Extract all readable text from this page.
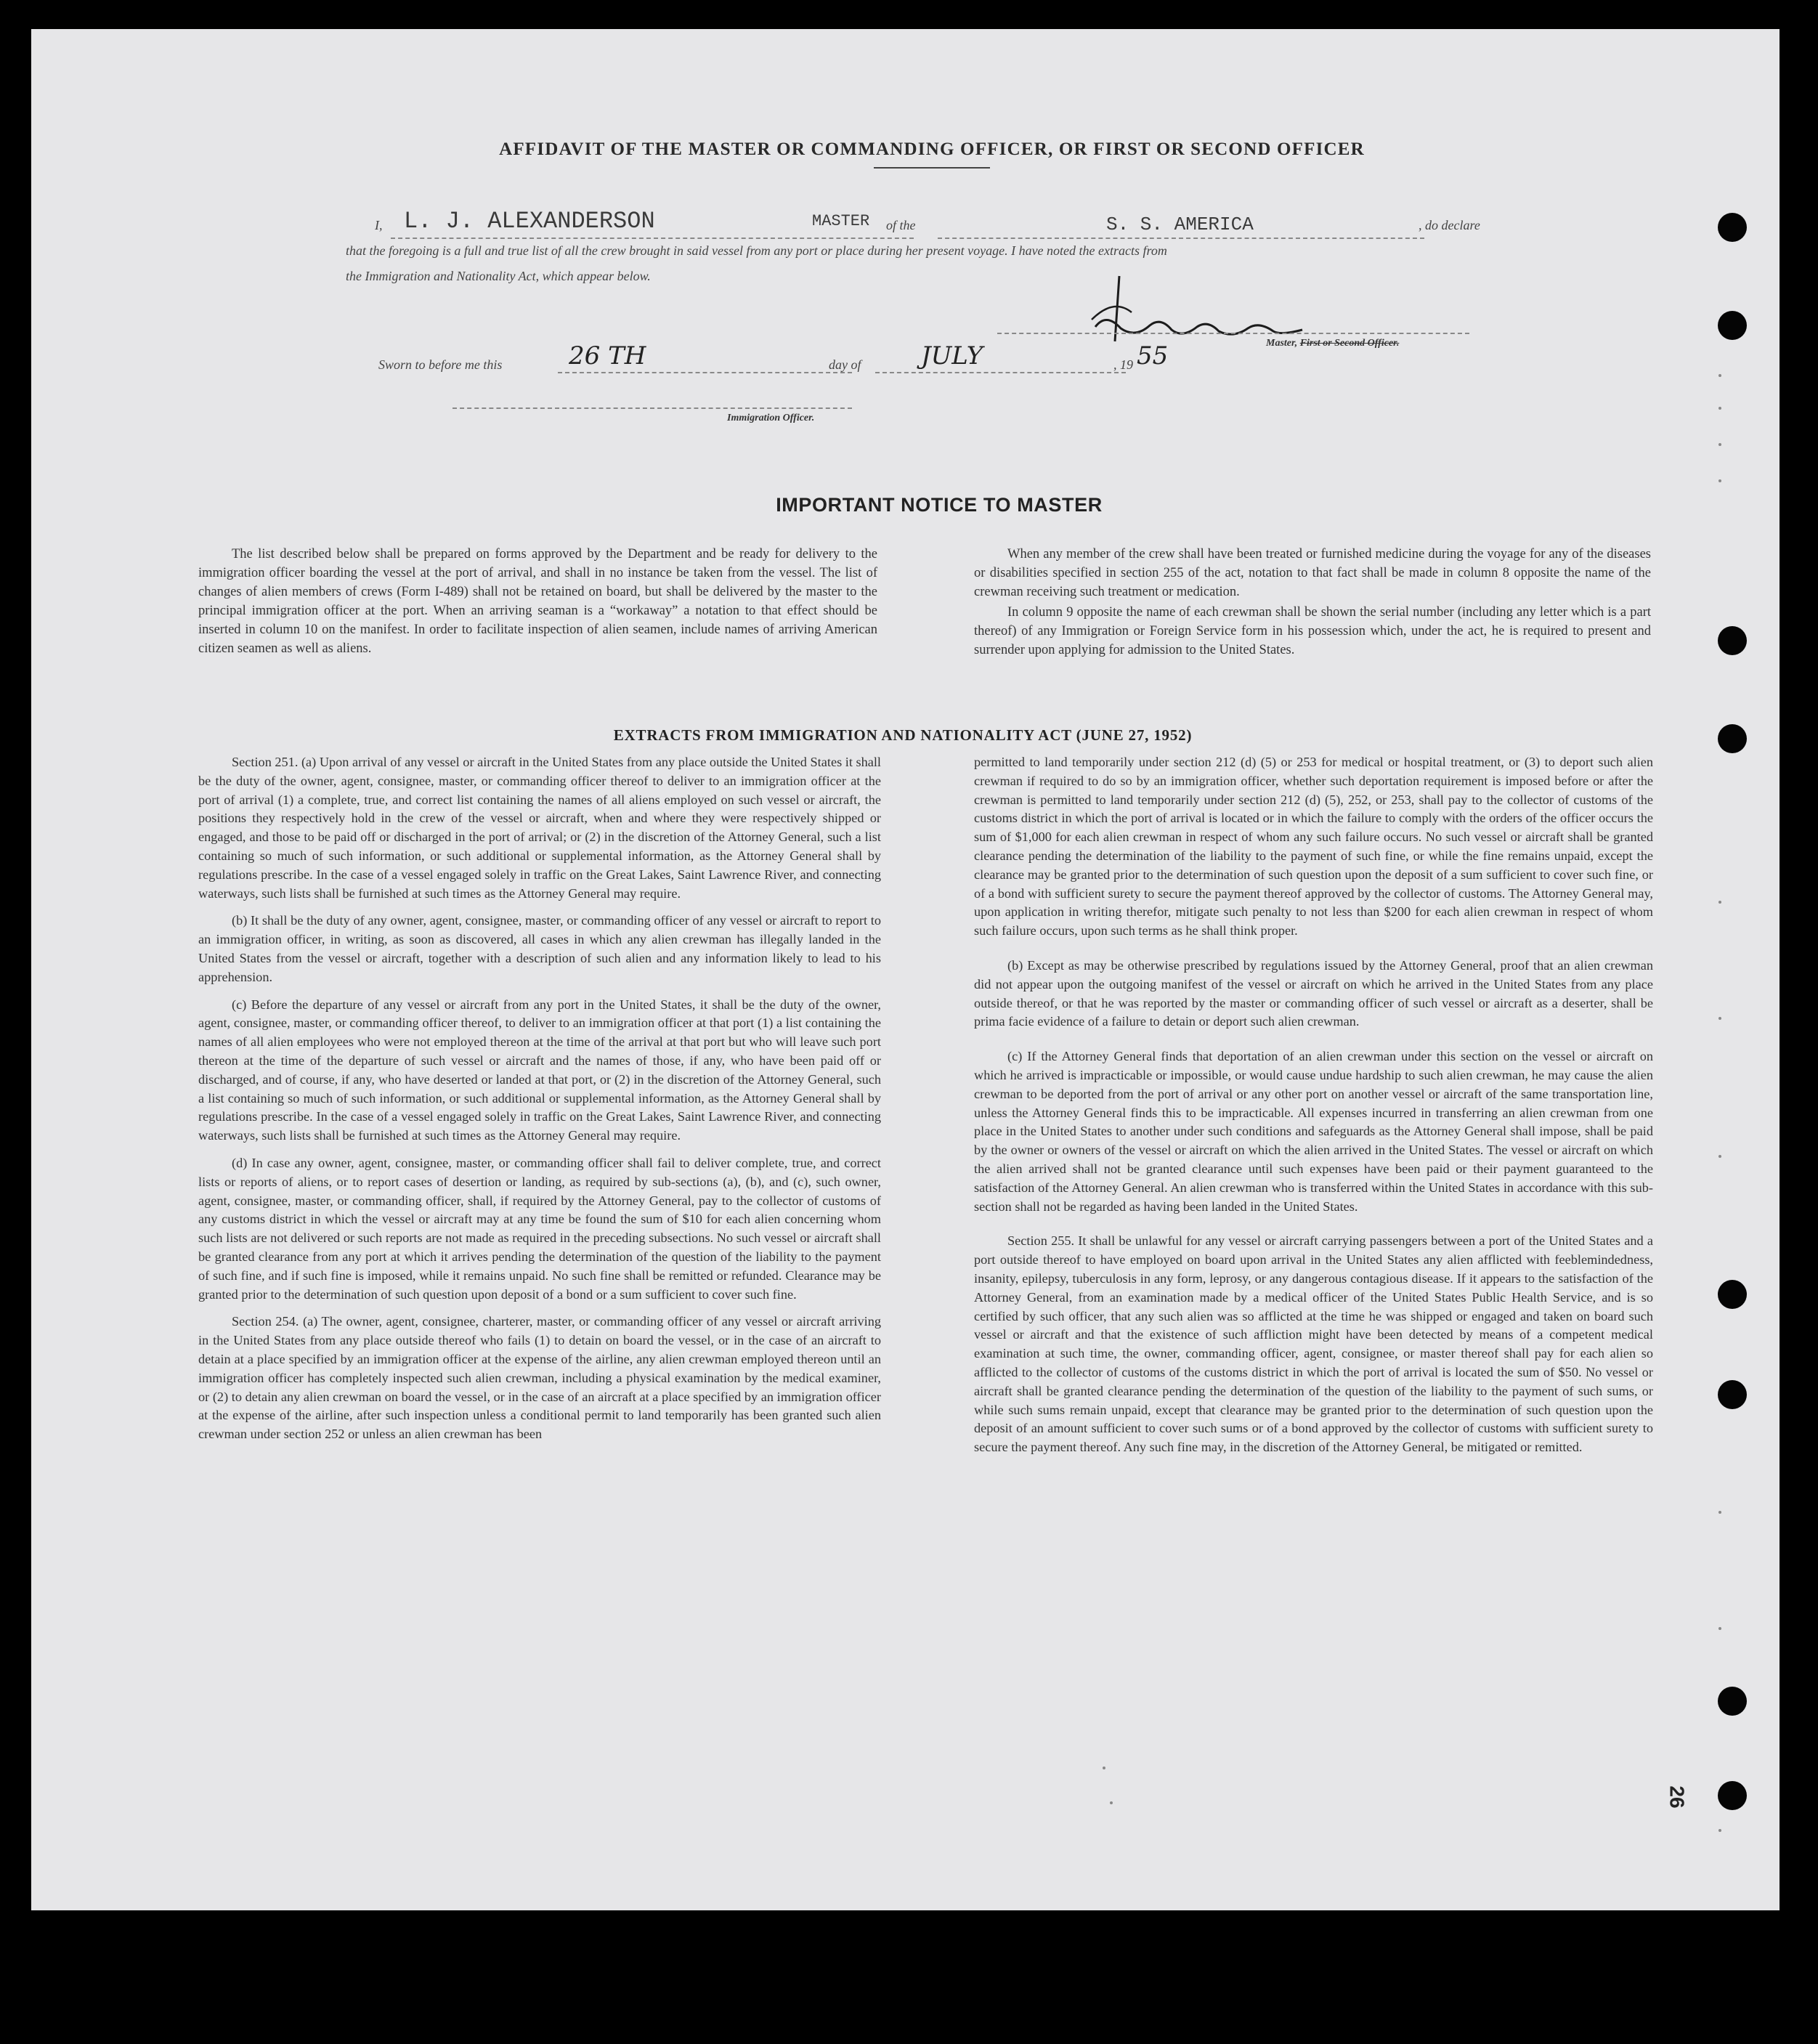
AFFIDAVIT OF THE MASTER OR COMMANDING OFFICER, OR FIRST OR SECOND OFFICER
I, L. J. ALEXANDERSON	MASTER of the	S. S. AMERICA	, do declare
that the foregoing is a full and true list of all the crew brought in said vessel from any port or place during her present voyage. I have noted the extracts from
the Immigration and Nationality Act, which appear below.
Master, First or Second Officer.
Sworn to before me this	26 TH	day of JULY	, 19 55
Immigration Officer.
IMPORTANT NOTICE TO MASTER

The list described below shall be prepared on forms approved by the Department and be ready for delivery to the immigration officer boarding the vessel at the port of arrival, and shall in no instance be taken from the vessel. The list of changes of alien members of crews (Form I-489) shall not be retained on board, but shall be delivered by the master to the principal immigration officer at the port. When an arriving seaman is a “workaway” a notation to that effect should be inserted in column 10 on the manifest. In order to facilitate inspection of alien seamen, include names of arriving American citizen seamen as well as aliens.

When any member of the crew shall have been treated or furnished medicine during the voyage for any of the diseases or disabilities specified in section 255 of the act, notation to that fact shall be made in column 8 opposite the name of the crewman receiving such treatment or medication.

In column 9 opposite the name of each crewman shall be shown the serial number (including any letter which is a part thereof) of any Immigration or Foreign Service form in his possession which, under the act, he is required to present and surrender upon applying for admission to the United States.

EXTRACTS FROM IMMIGRATION AND NATIONALITY ACT (JUNE 27, 1952)

Section 251. (a) Upon arrival of any vessel or aircraft in the United States from any place outside the United States it shall be the duty of the owner, agent, consignee, master, or commanding officer thereof to deliver to an immigration officer at the port of arrival (1) a complete, true, and correct list containing the names of all aliens employed on such vessel or aircraft, the positions they respectively hold in the crew of the vessel or aircraft, when and where they were respectively shipped or engaged, and those to be paid off or discharged in the port of arrival; or (2) in the discretion of the Attorney General, such a list containing so much of such information, or such additional or supplemental information, as the Attorney General shall by regulations prescribe. In the case of a vessel engaged solely in traffic on the Great Lakes, Saint Lawrence River, and connecting waterways, such lists shall be furnished at such times as the Attorney General may require.

(b) It shall be the duty of any owner, agent, consignee, master, or commanding officer of any vessel or aircraft to report to an immigration officer, in writing, as soon as discovered, all cases in which any alien crewman has illegally landed in the United States from the vessel or aircraft, together with a description of such alien and any information likely to lead to his apprehension.

(c) Before the departure of any vessel or aircraft from any port in the United States, it shall be the duty of the owner, agent, consignee, master, or commanding officer thereof, to deliver to an immigration officer at that port (1) a list containing the names of all alien employees who were not employed thereon at the time of the arrival at that port but who will leave such port thereon at the time of the departure of such vessel or aircraft and the names of those, if any, who have been paid off or discharged, and of course, if any, who have deserted or landed at that port, or (2) in the discretion of the Attorney General, such a list containing so much of such information, or such additional or supplemental information, as the Attorney General shall by regulations prescribe. In the case of a vessel engaged solely in traffic on the Great Lakes, Saint Lawrence River, and connecting waterways, such lists shall be furnished at such times as the Attorney General may require.

(d) In case any owner, agent, consignee, master, or commanding officer shall fail to deliver complete, true, and correct lists or reports of aliens, or to report cases of desertion or landing, as required by sub-sections (a), (b), and (c), such owner, agent, consignee, master, or commanding officer, shall, if required by the Attorney General, pay to the collector of customs of any customs district in which the vessel or aircraft may at any time be found the sum of $10 for each alien concerning whom such lists are not delivered or such reports are not made as required in the preceding subsections. No such vessel or aircraft shall be granted clearance from any port at which it arrives pending the determination of the question of the liability to the payment of such fine, and if such fine is imposed, while it remains unpaid. No such fine shall be remitted or refunded. Clearance may be granted prior to the determination of such question upon deposit of a bond or a sum sufficient to cover such fine.

Section 254. (a) The owner, agent, consignee, charterer, master, or commanding officer of any vessel or aircraft arriving in the United States from any place outside thereof who fails (1) to detain on board the vessel, or in the case of an aircraft to detain at a place specified by an immigration officer at the expense of the airline, any alien crewman employed thereon until an immigration officer has completely inspected such alien crewman, including a physical examination by the medical examiner, or (2) to detain any alien crewman on board the vessel, or in the case of an aircraft at a place specified by an immigration officer at the expense of the airline, after such inspection unless a conditional permit to land temporarily has been granted such alien crewman under section 252 or unless an alien crewman has been

permitted to land temporarily under section 212 (d) (5) or 253 for medical or hospital treatment, or (3) to deport such alien crewman if required to do so by an immigration officer, whether such deportation requirement is imposed before or after the crewman is permitted to land temporarily under section 212 (d) (5), 252, or 253, shall pay to the collector of customs of the customs district in which the port of arrival is located or in which the failure to comply with the orders of the officer occurs the sum of $1,000 for each alien crewman in respect of whom any such failure occurs. No such vessel or aircraft shall be granted clearance pending the determination of the liability to the payment of such fine, or while the fine remains unpaid, except the clearance may be granted prior to the determination of such question upon the deposit of a sum sufficient to cover such fine, or of a bond with sufficient surety to secure the payment thereof approved by the collector of customs. The Attorney General may, upon application in writing therefor, mitigate such penalty to not less than $200 for each alien crewman in respect of whom such failure occurs, upon such terms as he shall think proper.

(b) Except as may be otherwise prescribed by regulations issued by the Attorney General, proof that an alien crewman did not appear upon the outgoing manifest of the vessel or aircraft on which he arrived in the United States from any place outside thereof, or that he was reported by the master or commanding officer of such vessel or aircraft as a deserter, shall be prima facie evidence of a failure to detain or deport such alien crewman.

(c) If the Attorney General finds that deportation of an alien crewman under this section on the vessel or aircraft on which he arrived is impracticable or impossible, or would cause undue hardship to such alien crewman, he may cause the alien crewman to be deported from the port of arrival or any other port on another vessel or aircraft of the same transportation line, unless the Attorney General finds this to be impracticable. All expenses incurred in transferring an alien crewman from one place in the United States to another under such conditions and safeguards as the Attorney General shall impose, shall be paid by the owner or owners of the vessel or aircraft on which the alien arrived in the United States. The vessel or aircraft on which the alien arrived shall not be granted clearance until such expenses have been paid or their payment guaranteed to the satisfaction of the Attorney General. An alien crewman who is transferred within the United States in accordance with this sub-section shall not be regarded as having been landed in the United States.

Section 255. It shall be unlawful for any vessel or aircraft carrying passengers between a port of the United States and a port outside thereof to have employed on board upon arrival in the United States any alien afflicted with feeblemindedness, insanity, epilepsy, tuberculosis in any form, leprosy, or any dangerous contagious disease. If it appears to the satisfaction of the Attorney General, from an examination made by a medical officer of the United States Public Health Service, and is so certified by such officer, that any such alien was so afflicted at the time he was shipped or engaged and taken on board such vessel or aircraft and that the existence of such affliction might have been detected by means of a competent medical examination at such time, the owner, commanding officer, agent, consignee, or master thereof shall pay for each alien so afflicted to the collector of customs of the customs district in which the port of arrival is located the sum of $50. No vessel or aircraft shall be granted clearance pending the determination of the question of the liability to the payment of such sums, or while such sums remain unpaid, except that clearance may be granted prior to the determination of such question upon the deposit of an amount sufficient to cover such sums or of a bond approved by the collector of customs with sufficient surety to secure the payment thereof. Any such fine may, in the discretion of the Attorney General, be mitigated or remitted.

26
